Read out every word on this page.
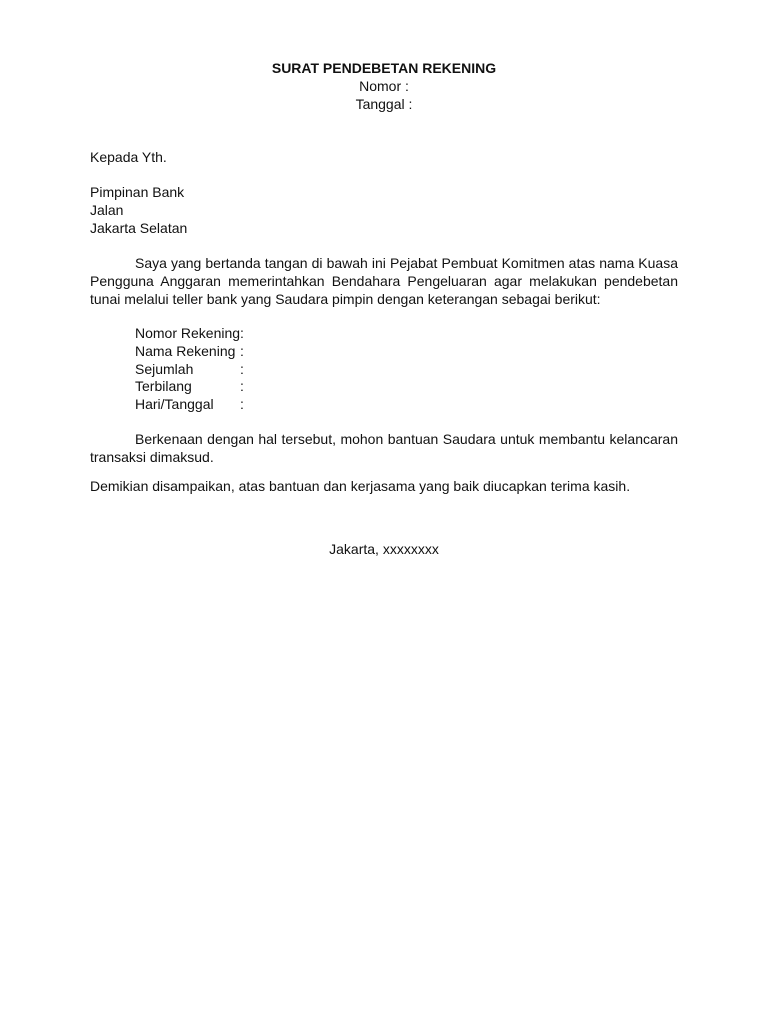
SURAT PENDEBETAN REKENING
Nomor :
Tanggal :
Kepada Yth.
Pimpinan Bank
Jalan
Jakarta Selatan
Saya yang bertanda tangan di bawah ini Pejabat Pembuat Komitmen atas nama Kuasa Pengguna Anggaran memerintahkan Bendahara Pengeluaran agar melakukan pendebetan tunai melalui teller bank yang Saudara pimpin dengan keterangan sebagai berikut:
Nomor Rekening :
Nama Rekening :
Sejumlah	:
Terbilang	:
Hari/Tanggal :
Berkenaan dengan hal tersebut, mohon bantuan Saudara untuk membantu kelancaran transaksi dimaksud.
Demikian disampaikan, atas bantuan dan kerjasama yang baik diucapkan terima kasih.
Jakarta, xxxxxxxx
